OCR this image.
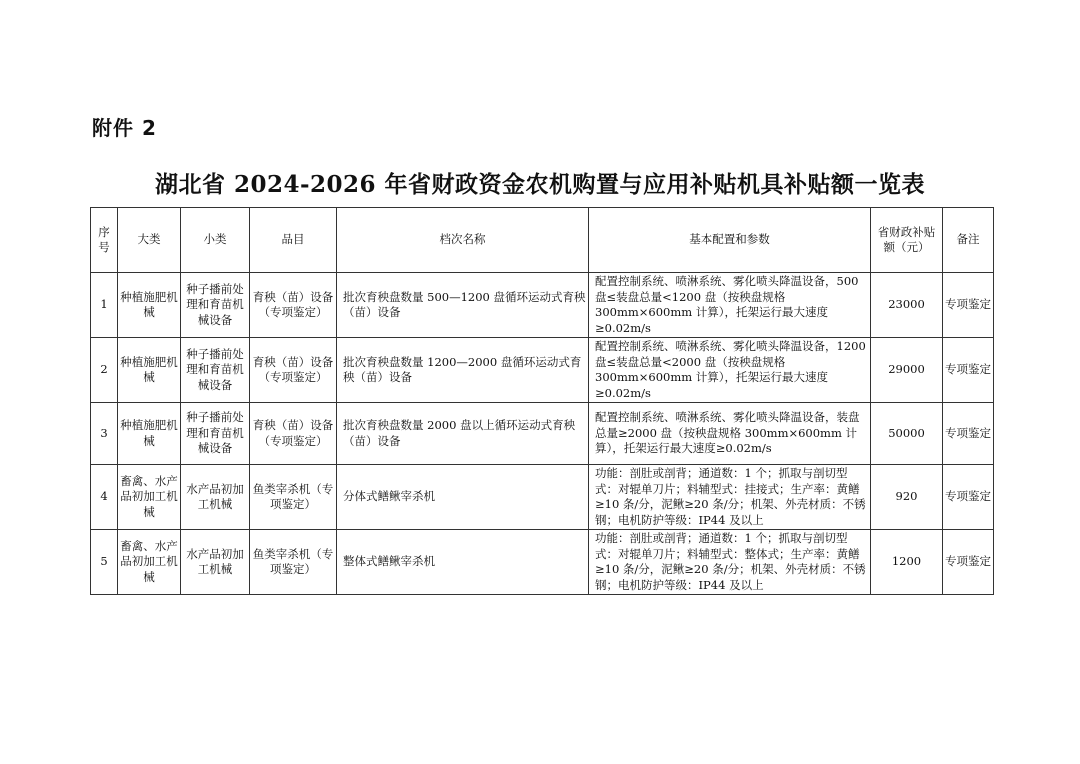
附件 2
湖北省 2024-2026 年省财政资金农机购置与应用补贴机具补贴额一览表
序号	大类	小类	品目	档次名称	基本配置和参数	省财政补贴额（元）	备注
1	种植施肥机械	种子播前处理和育苗机械设备	育秧（苗）设备（专项鉴定）	批次育秧盘数量 500—1200 盘循环运动式育秧（苗）设备	配置控制系统、喷淋系统、雾化喷头降温设备，500 盘≤装盘总量<1200 盘（按秧盘规格 300mm×600mm 计算），托架运行最大速度≥0.02m/s	23000	专项鉴定
2	种植施肥机械	种子播前处理和育苗机械设备	育秧（苗）设备（专项鉴定）	批次育秧盘数量 1200—2000 盘循环运动式育秧（苗）设备	配置控制系统、喷淋系统、雾化喷头降温设备，1200 盘≤装盘总量<2000 盘（按秧盘规格 300mm×600mm 计算），托架运行最大速度≥0.02m/s	29000	专项鉴定
3	种植施肥机械	种子播前处理和育苗机械设备	育秧（苗）设备（专项鉴定）	批次育秧盘数量 2000 盘以上循环运动式育秧（苗）设备	配置控制系统、喷淋系统、雾化喷头降温设备，装盘总量≥2000 盘（按秧盘规格 300mm×600mm 计算），托架运行最大速度≥0.02m/s	50000	专项鉴定
4	畜禽、水产品初加工机械	水产品初加工机械	鱼类宰杀机（专项鉴定）	分体式鳝鳅宰杀机	功能：剖肚或剖背；通道数：1 个；抓取与剖切型式：对辊单刀片；料辅型式：挂接式；生产率：黄鳝≥10 条/分，泥鳅≥20 条/分；机架、外壳材质：不锈钢；电机防护等级：IP44 及以上	920	专项鉴定
5	畜禽、水产品初加工机械	水产品初加工机械	鱼类宰杀机（专项鉴定）	整体式鳝鳅宰杀机	功能：剖肚或剖背；通道数：1 个；抓取与剖切型式：对辊单刀片；料辅型式：整体式；生产率：黄鳝≥10 条/分，泥鳅≥20 条/分；机架、外壳材质：不锈钢；电机防护等级：IP44 及以上	1200	专项鉴定
